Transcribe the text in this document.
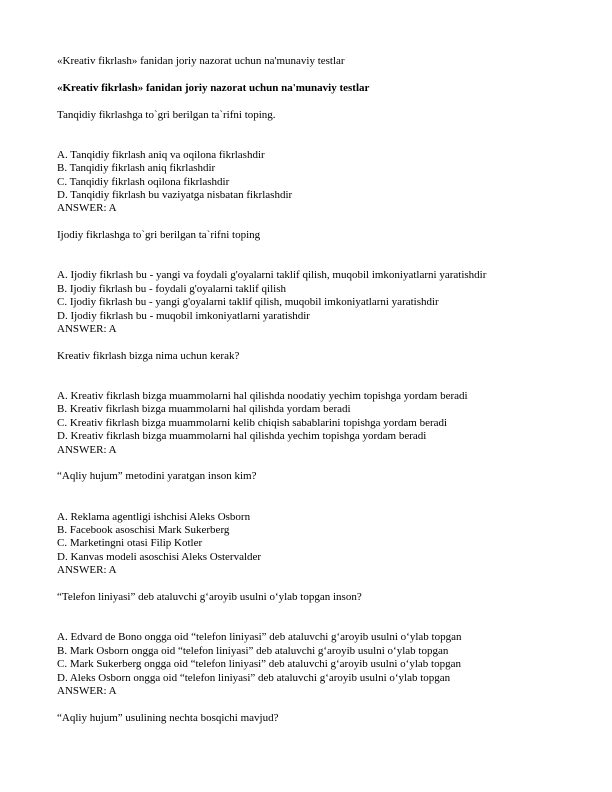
«Kreativ fikrlash» fanidan joriy nazorat uchun na'munaviy testlar

«Kreativ fikrlash» fanidan joriy nazorat uchun na'munaviy testlar

Tanqidiy fikrlashga to`gri berilgan ta`rifni toping.

A. Tanqidiy fikrlash aniq va oqilona fikrlashdir

B. Tanqidiy fikrlash aniq fikrlashdir

C. Tanqidiy fikrlash oqilona fikrlashdir

D. Tanqidiy fikrlash bu vaziyatga nisbatan fikrlashdir

ANSWER: A

Ijodiy fikrlashga to`gri berilgan ta`rifni toping

A. Ijodiy fikrlash bu - yangi va foydali g'oyalarni taklif qilish, muqobil imkoniyatlarni yaratishdir

B. Ijodiy fikrlash bu - foydali g'oyalarni taklif qilish

C. Ijodiy fikrlash bu - yangi g'oyalarni taklif qilish, muqobil imkoniyatlarni yaratishdir

D. Ijodiy fikrlash bu - muqobil imkoniyatlarni yaratishdir

ANSWER: A

Kreativ fikrlash bizga nima uchun kerak?

A. Kreativ fikrlash bizga muammolarni hal qilishda noodatiy yechim topishga yordam beradi

B. Kreativ fikrlash bizga muammolarni hal qilishda yordam beradi

C. Kreativ fikrlash bizga muammolarni kelib chiqish sabablarini topishga yordam beradi

D. Kreativ fikrlash bizga muammolarni hal qilishda yechim topishga yordam beradi

ANSWER: A

“Aqliy hujum” metodini yaratgan inson kim?

A. Reklama agentligi ishchisi Aleks Osborn

B. Facebook asoschisi Mark Sukerberg

C. Marketingni otasi Filip Kotler

D. Kanvas modeli asoschisi Aleks Ostervalder

ANSWER: A

“Telefon liniyasi” deb ataluvchi g‘aroyib usulni o‘ylab topgan inson?

A. Edvard de Bono ongga oid “telefon liniyasi” deb ataluvchi g‘aroyib usulni o‘ylab topgan

B. Mark Osborn ongga oid “telefon liniyasi” deb ataluvchi g‘aroyib usulni o‘ylab topgan

C. Mark Sukerberg ongga oid “telefon liniyasi” deb ataluvchi g‘aroyib usulni o‘ylab topgan

D. Aleks Osborn ongga oid “telefon liniyasi” deb ataluvchi g‘aroyib usulni o‘ylab topgan

ANSWER: A

“Aqliy hujum” usulining nechta bosqichi mavjud?
